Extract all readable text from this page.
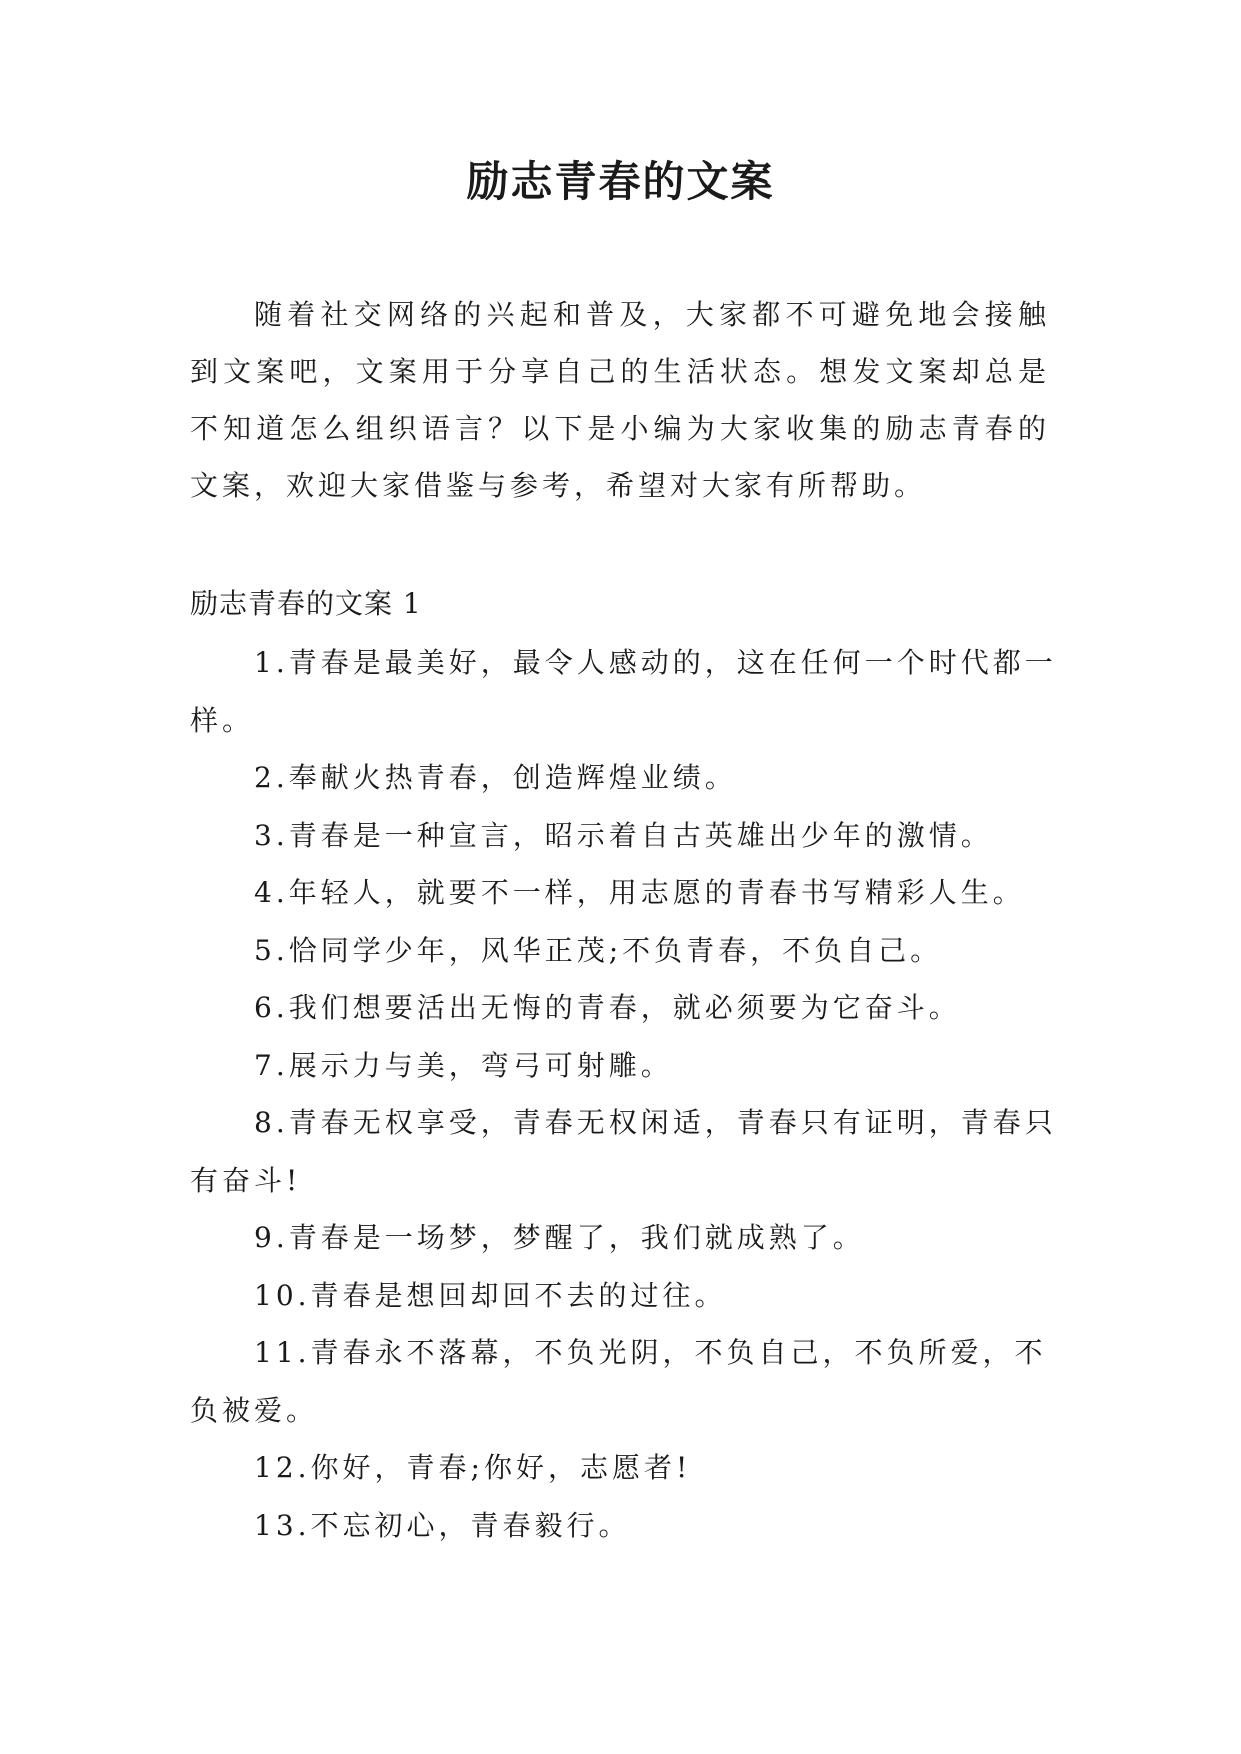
励志青春的文案
随着社交网络的兴起和普及，大家都不可避免地会接触到文案吧，文案用于分享自己的生活状态。想发文案却总是不知道怎么组织语言？以下是小编为大家收集的励志青春的文案，欢迎大家借鉴与参考，希望对大家有所帮助。
励志青春的文案 1
1.青春是最美好，最令人感动的，这在任何一个时代都一样。
2.奉献火热青春，创造辉煌业绩。
3.青春是一种宣言，昭示着自古英雄出少年的激情。
4.年轻人，就要不一样，用志愿的青春书写精彩人生。
5.恰同学少年，风华正茂;不负青春，不负自己。
6.我们想要活出无悔的青春，就必须要为它奋斗。
7.展示力与美，弯弓可射雕。
8.青春无权享受，青春无权闲适，青春只有证明，青春只有奋斗!
9.青春是一场梦，梦醒了，我们就成熟了。
10.青春是想回却回不去的过往。
11.青春永不落幕，不负光阴，不负自己，不负所爱，不负被爱。
12.你好，青春;你好，志愿者!
13.不忘初心，青春毅行。
